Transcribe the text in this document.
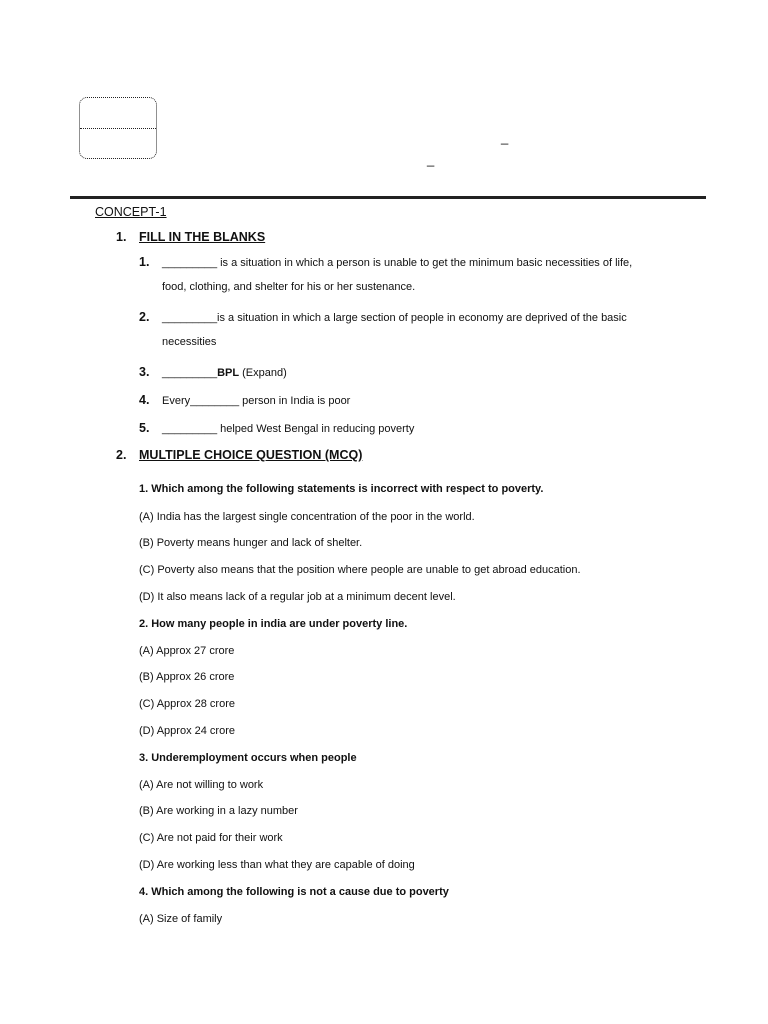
_
_
CONCEPT-1
1. FILL IN THE BLANKS
1. _________ is a situation in which a person is unable to get the minimum basic necessities of life,
food, clothing, and shelter for his or her sustenance.
2. _________is a situation in which a large section of people in economy are deprived of the basic
necessities
3. _________BPL (Expand)
4. Every________ person in India is poor
5. _________ helped West Bengal in reducing poverty
2. MULTIPLE CHOICE QUESTION (MCQ)
1. Which among the following statements is incorrect with respect to poverty.
(A) India has the largest single concentration of the poor in the world.
(B) Poverty means hunger and lack of shelter.
(C) Poverty also means that the position where people are unable to get abroad education.
(D) It also means lack of a regular job at a minimum decent level.
2. How many people in india are under poverty line.
(A) Approx 27 crore
(B) Approx 26 crore
(C) Approx 28 crore
(D) Approx 24 crore
3. Underemployment occurs when people
(A) Are not willing to work
(B) Are working in a lazy number
(C) Are not paid for their work
(D) Are working less than what they are capable of doing
4. Which among the following is not a cause due to poverty
(A) Size of family
